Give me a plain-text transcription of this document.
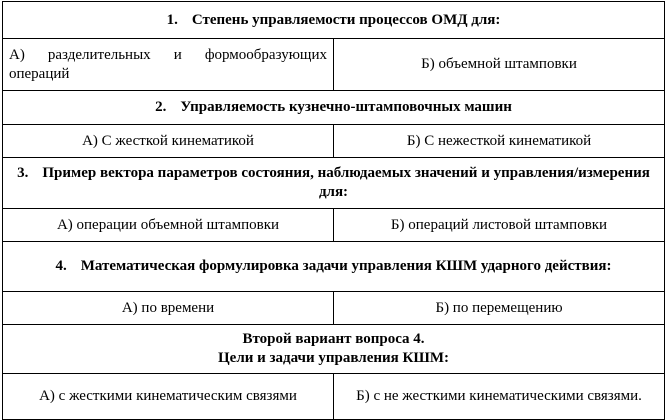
1. Степень управляемости процессов ОМД для:	
А) разделительных и формообразующих операций	Б) объемной штамповки
2. Управляемость кузнечно-штамповочных машин	
А) С жесткой кинематикой	Б) С нежесткой кинематикой
3. Пример вектора параметров состояния, наблюдаемых значений и управления/измерения для:	
А) операции объемной штамповки	Б) операций листовой штамповки
4. Математическая формулировка задачи управления КШМ ударного действия:	
А) по времени	Б) по перемещению

Второй вариант вопроса 4.
Цели и задачи управления КШМ:	

А) с жесткими кинематическим связями	Б) с не жесткими кинематическими связями.
